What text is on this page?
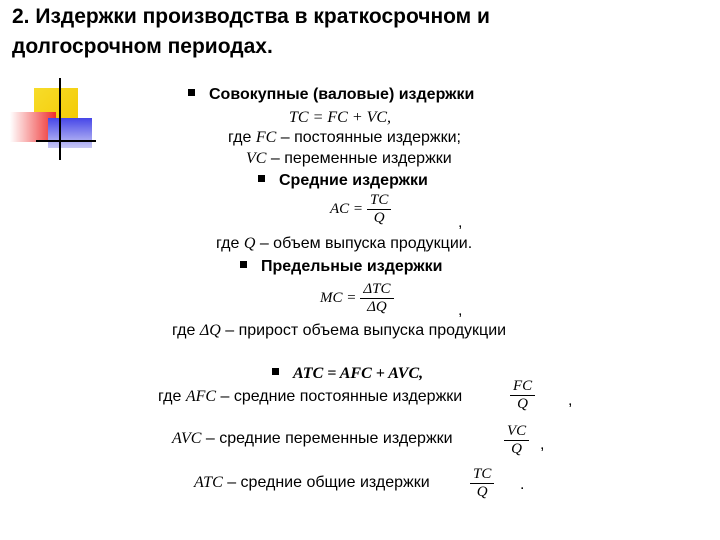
2. Издержки производства в краткосрочном и
долгосрочном периодах.
Совокупные (валовые) издержки
TC = FC + VC,
где FC – постоянные издержки;
VC – переменные издержки
Средние издержки
AC = $\frac{TC}{Q}$	,
где Q – объем выпуска продукции.
Предельные издержки
MC = $\frac{\text{ΔTC}}{\Delta Q}$	,
где ΔQ – прирост объема выпуска продукции
ATC = AFC + AVC,
где AFC – средние постоянные издержки	$\frac{FC}{Q}$ ,
AVC – средние переменные издержки	$\frac{VC}{Q}$ ,
ATC – средние общие издержки	$\frac{TC}{Q}$ .
